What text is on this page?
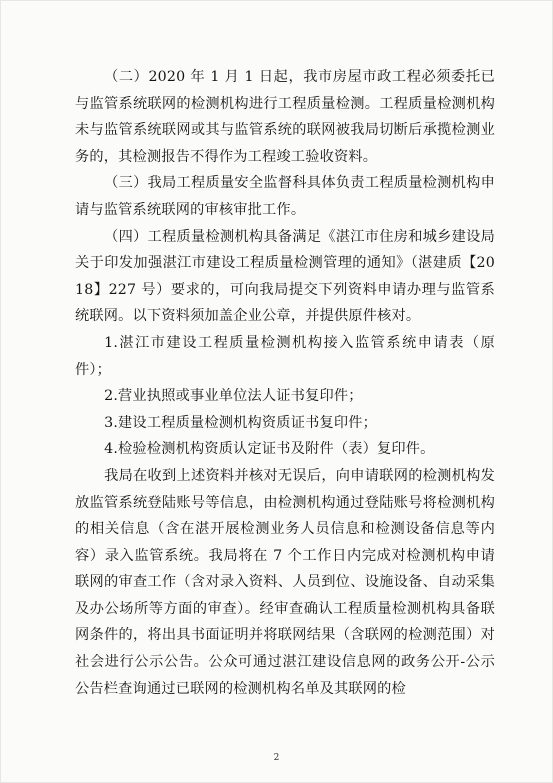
（二）2020 年 1 月 1 日起，我市房屋市政工程必须委托已与监管系统联网的检测机构进行工程质量检测。工程质量检测机构未与监管系统联网或其与监管系统的联网被我局切断后承揽检测业务的，其检测报告不得作为工程竣工验收资料。

（三）我局工程质量安全监督科具体负责工程质量检测机构申请与监管系统联网的审核审批工作。

（四）工程质量检测机构具备满足《湛江市住房和城乡建设局关于印发加强湛江市建设工程质量检测管理的通知》（湛建质【2018】227 号）要求的，可向我局提交下列资料申请办理与监管系统联网。以下资料须加盖企业公章，并提供原件核对。

1.湛江市建设工程质量检测机构接入监管系统申请表（原件）；

2.营业执照或事业单位法人证书复印件；

3.建设工程质量检测机构资质证书复印件；

4.检验检测机构资质认定证书及附件（表）复印件。

我局在收到上述资料并核对无误后，向申请联网的检测机构发放监管系统登陆账号等信息，由检测机构通过登陆账号将检测机构的相关信息（含在湛开展检测业务人员信息和检测设备信息等内容）录入监管系统。我局将在 7 个工作日内完成对检测机构申请联网的审查工作（含对录入资料、人员到位、设施设备、自动采集及办公场所等方面的审查）。经审查确认工程质量检测机构具备联网条件的，将出具书面证明并将联网结果（含联网的检测范围）对社会进行公示公告。公众可通过湛江建设信息网的政务公开-公示公告栏查询通过已联网的检测机构名单及其联网的检

2
